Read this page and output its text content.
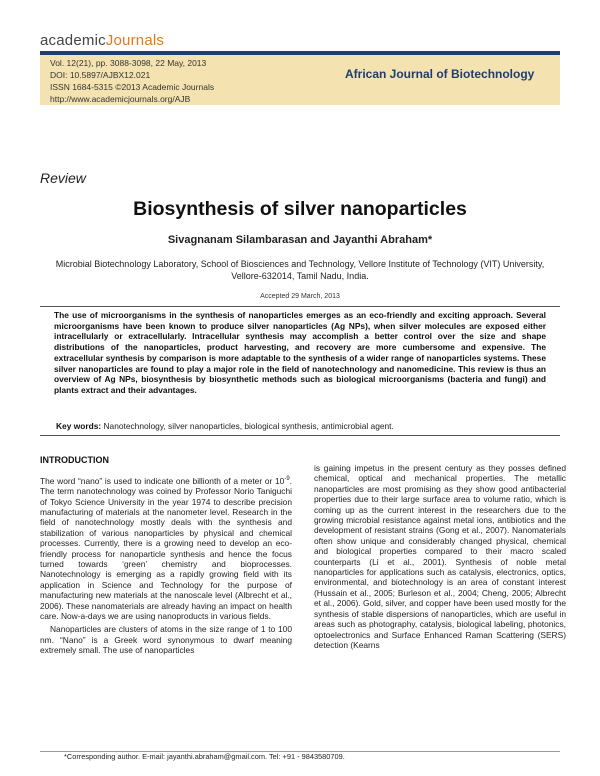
academicJournals
Vol. 12(21), pp. 3088-3098, 22 May, 2013
DOI: 10.5897/AJBX12.021
ISSN 1684-5315 ©2013 Academic Journals
http://www.academicjournals.org/AJB
African Journal of Biotechnology
Review
Biosynthesis of silver nanoparticles
Sivagnanam Silambarasan and Jayanthi Abraham*
Microbial Biotechnology Laboratory, School of Biosciences and Technology, Vellore Institute of Technology (VIT) University, Vellore-632014, Tamil Nadu, India.
Accepted 29 March, 2013
The use of microorganisms in the synthesis of nanoparticles emerges as an eco-friendly and exciting approach. Several microorganisms have been known to produce silver nanoparticles (Ag NPs), when silver molecules are exposed either intracellularly or extracellularly. Intracellular synthesis may accomplish a better control over the size and shape distributions of the nanoparticles, product harvesting, and recovery are more cumbersome and expensive. The extracellular synthesis by comparison is more adaptable to the synthesis of a wider range of nanoparticles systems. These silver nanoparticles are found to play a major role in the field of nanotechnology and nanomedicine. This review is thus an overview of Ag NPs, biosynthesis by biosynthetic methods such as biological microorganisms (bacteria and fungi) and plants extract and their advantages.
Key words: Nanotechnology, silver nanoparticles, biological synthesis, antimicrobial agent.
INTRODUCTION

The word “nano” is used to indicate one billionth of a meter or $10^{-9}$. The term nanotechnology was coined by Professor Norio Taniguchi of Tokyo Science University in the year 1974 to describe precision manufacturing of materials at the nanometer level. Research in the field of nanotechnology mostly deals with the synthesis and stabilization of various nanoparticles by physical and chemical processes. Currently, there is a growing need to develop an eco-friendly process for nanoparticle synthesis and hence the focus turned towards ‘green’ chemistry and bioprocesses. Nanotechnology is emerging as a rapidly growing field with its application in Science and Technology for the purpose of manufacturing new materials at the nanoscale level (Albrecht et al., 2006). These nanomaterials are already having an impact on health care. Now-a-days we are using nanoproducts in various fields.

Nanoparticles are clusters of atoms in the size range of 1 to 100 nm. “Nano” is a Greek word synonymous to dwarf meaning extremely small. The use of nanoparticles

is gaining impetus in the present century as they posses defined chemical, optical and mechanical properties. The metallic nanoparticles are most promising as they show good antibacterial properties due to their large surface area to volume ratio, which is coming up as the current interest in the researchers due to the growing microbial resistance against metal ions, antibiotics and the development of resistant strains (Gong et al., 2007). Nanomaterials often show unique and considerably changed physical, chemical and biological properties compared to their macro scaled counterparts (Li et al., 2001). Synthesis of noble metal nanoparticles for applications such as catalysis, electronics, optics, environmental, and biotechnology is an area of constant interest (Hussain et al., 2005; Burleson et al., 2004; Cheng, 2005; Albrecht et al., 2006). Gold, silver, and copper have been used mostly for the synthesis of stable dispersions of nanoparticles, which are useful in areas such as photography, catalysis, biological labeling, photonics, optoelectronics and Surface Enhanced Raman Scattering (SERS) detection (Kearns

*Corresponding author. E-mail: jayanthi.abraham@gmail.com. Tel: +91 - 9843580709.
